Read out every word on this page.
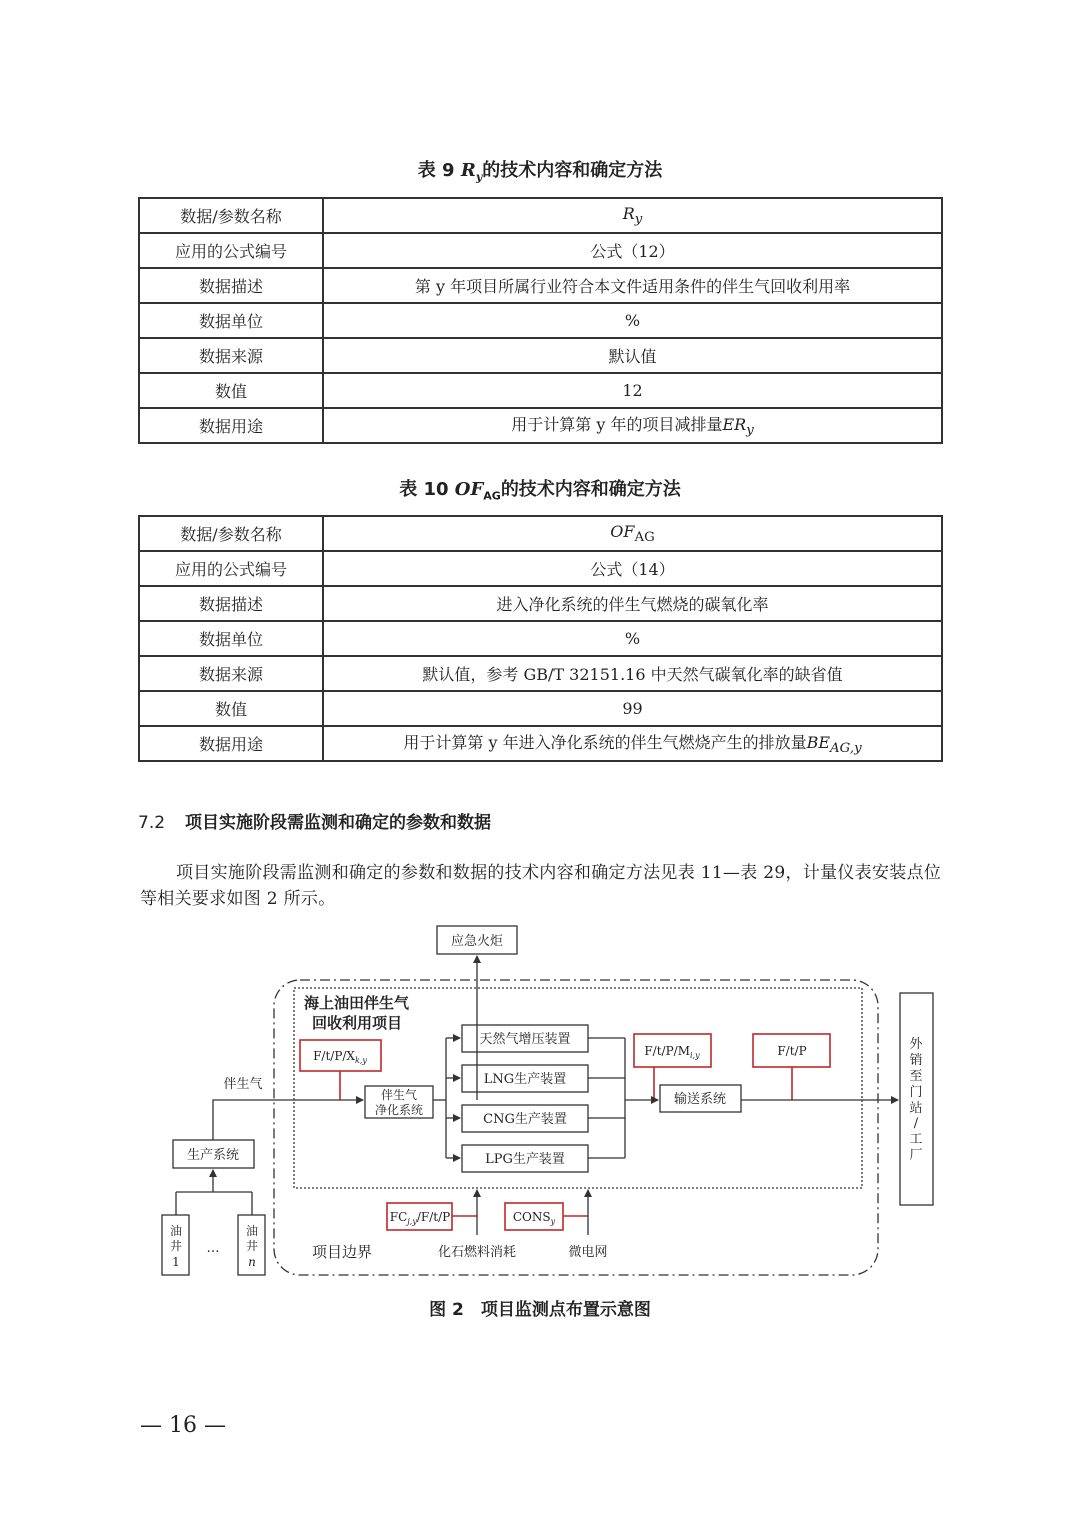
表 9 $R_y$的技术内容和确定方法
数据/参数名称	$R_y$
应用的公式编号	公式（12）
数据描述	第 y 年项目所属行业符合本文件适用条件的伴生气回收利用率
数据单位	%
数据来源	默认值
数值	12
数据用途	用于计算第 y 年的项目减排量$ER_y$
表 10 $OF_{AG}$的技术内容和确定方法
数据/参数名称	$OF_{AG}$
应用的公式编号	公式（14）
数据描述	进入净化系统的伴生气燃烧的碳氧化率
数据单位	%
数据来源	默认值，参考 GB/T 32151.16 中天然气碳氧化率的缺省值
数值	99
数据用途	用于计算第 y 年进入净化系统的伴生气燃烧产生的排放量$BE_{AG,y}$
7.2 项目实施阶段需监测和确定的参数和数据
项目实施阶段需监测和确定的参数和数据的技术内容和确定方法见表 11—表 29，计量仪表安装点位等相关要求如图 2 所示。
应急火炬
海上油田伴生气
回收利用项目
$F/t/P/X_{k,y}$
伴生气
伴生气
净化系统
天然气增压装置
LNG生产装置
CNG生产装置
LPG生产装置
$F/t/P/M_{i,y}$	F/t/P
输送系统
外
销
至
门
站
/
工
厂
生产系统
油
井
1
…
油
井
n
$FC_{j,y}/F/t/P$	$CONS_y$
化石燃料消耗	微电网
项目边界
图 2　项目监测点布置示意图
— 16 —
